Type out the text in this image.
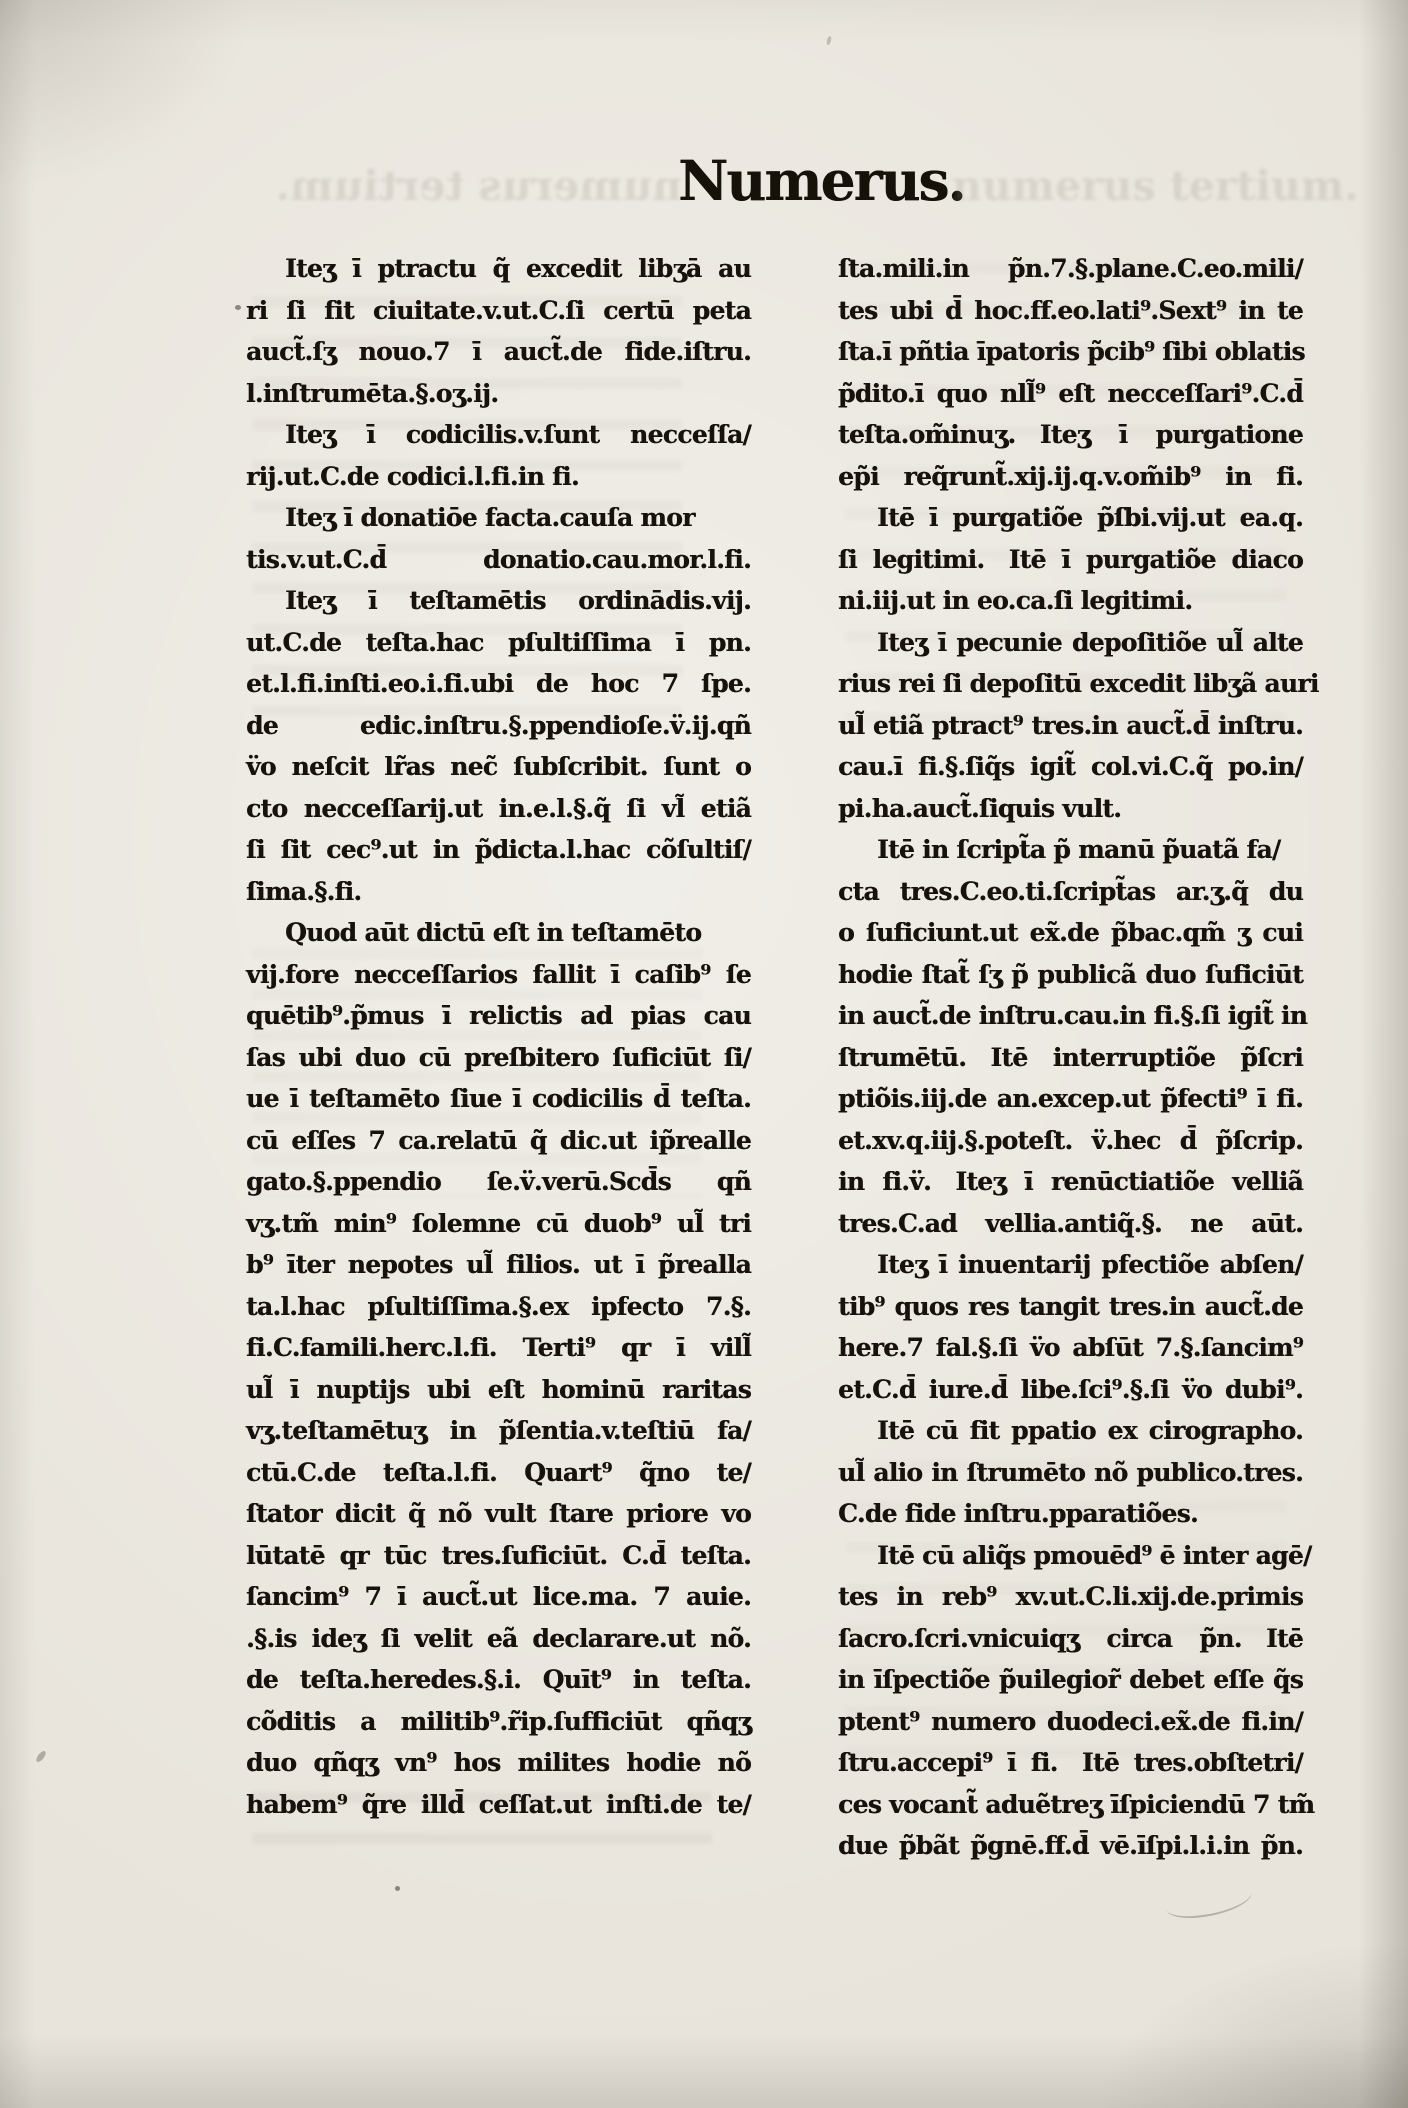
numerus tertium.
Numerus.
numerus tertium.
Iteʒ ī ptractu q̃ excedit libʒā au
ri ſi fit ciuitate.v.ut.C.ſi certū peta
auct̃.ſʒ nouo.7 ī auct̃.de fide.iſtru.
l.inſtrumēta.§.oʒ.ij.
Iteʒ ī codicilis.v.ſunt necceſſa/
rij.ut.C.de codici.l.fi.in fi.
Iteʒ ī donatiōe facta.cauſa mor
tis.v.ut.C.d̄ donatio.cau.mor.l.fi.
Iteʒ ī teſtamētis ordinādis.vij.
ut.C.de teſta.hac pſultiſſima ī pn.
et.l.fi.inſti.eo.i.fi.ubi de hoc 7 ſpe.
de edic.inſtru.§.ppendioſe.v̈.ij.qñ
v̈o neſcit lr̃as nec̃ ſubſcribit. ſunt o
cto necceſſarij.ut in.e.l.§.q̃ ſi vl̃ etiã
ſi ſit cec⁹.ut in p̃dicta.l.hac cõſultiſ/
ſima.§.fi.
Quod aūt dictū eſt in teſtamēto
vij.fore necceſſarios fallit ī caſib⁹ ſe
quētib⁹.p̃mus ī relictis ad pias cau
ſas ubi duo cū preſbitero ſuficiūt ſi/
ue ī teſtamēto ſiue ī codicilis d̄ teſta.
cū eſſes 7 ca.relatū q̃ dic.ut ip̃realle
gato.§.ppendio ſe.v̈.verū.Scd̄s qñ
vʒ.tm̃ min⁹ ſolemne cū duob⁹ ul̃ tri
b⁹ īter nepotes ul̃ filios. ut ī p̃realla
ta.l.hac pſultiſſima.§.ex ipfecto 7.§.
fi.C.famili.herc.l.fi. Terti⁹ qr ī vill̃
ul̃ ī nuptijs ubi eſt hominū raritas
vʒ.teſtamētuʒ in p̃ſentia.v.teſtiū fa/
ctū.C.de teſta.l.fi. Quart⁹ q̃no te/
ſtator dicit q̃ nõ vult ſtare priore vo
lūtatē qr tūc tres.ſuficiūt. C.d̄ teſta.
ſancim⁹ 7 ī auct̃.ut lice.ma. 7 auie.
.§.is ideʒ ſi velit eã declarare.ut nõ.
de teſta.heredes.§.i. Quīt⁹ in teſta.
cõditis a militib⁹.r̃ip.ſufficiūt qñqʒ
duo qñqʒ vn⁹ hos milites hodie nõ
habem⁹ q̃re illd̄ ceſſat.ut inſti.de te/
ſta.mili.in p̃n.7.§.plane.C.eo.mili/
tes ubi d̄ hoc.ff.eo.lati⁹.Sext⁹ in te
ſta.ī pñtia īpatoris p̃cib⁹ ſibi oblatis
p̃dito.ī quo nll̃⁹ eſt necceſſari⁹.C.d̄
teſta.om̃inuʒ. Iteʒ ī purgatione
ep̃i req̃runt̃.xij.ij.q.v.om̃ib⁹ in fi.
Itē ī purgatiõe p̃ſbi.vij.ut ea.q.
ſi legitimi. Itē ī purgatiõe diaco
ni.iij.ut in eo.ca.ſi legitimi.
Iteʒ ī pecunie depoſitiõe ul̃ alte
rius rei ſi depoſitū excedit libʒã auri
ul̃ etiã ptract⁹ tres.in auct̃.d̄ inſtru.
cau.ī fi.§.ſiq̃s igit̃ col.vi.C.q̃ po.in/
pi.ha.auct̃.ſiquis vult.
Itē in ſcript̃a p̃ manū p̃uatã fa/
cta tres.C.eo.ti.ſcript̃as ar.ʒ.q̃ du
o ſuficiunt.ut ex̃.de p̃bac.qm̃ ʒ cui
hodie ſtat̃ ſʒ p̃ publicã duo ſuficiūt
in auct̃.de inſtru.cau.in fi.§.ſi igit̃ in
ſtrumētū. Itē interruptiõe p̃ſcri
ptiõis.iij.de an.excep.ut p̃fecti⁹ ī fi.
et.xv.q.iij.§.poteſt. v̈.hec d̄ p̃ſcrip.
in fi.v̈. Iteʒ ī renūctiatiõe velliã
tres.C.ad vellia.antiq̃.§. ne aūt.
Iteʒ ī inuentarij pfectiõe abſen/
tib⁹ quos res tangit tres.in auct̃.de
here.7 fal.§.ſi v̈o abſūt 7.§.ſancim⁹
et.C.d̄ iure.d̄ libe.ſci⁹.§.ſi v̈o dubi⁹.
Itē cū fit ppatio ex cirographo.
ul̃ alio in ſtrumēto nõ publico.tres.
C.de fide inſtru.pparatiões.
Itē cū aliq̃s pmouēd⁹ ē inter agē/
tes in reb⁹ xv.ut.C.li.xij.de.primis
ſacro.ſcri.vnicuiqʒ circa p̃n. Itē
in īſpectiõe p̃uilegior̃ debet eſſe q̃s
ptent⁹ numero duodeci.ex̃.de fi.in/
ſtru.accepi⁹ ī fi. Itē tres.obſtetri/
ces vocant̃ aduẽtreʒ īſpiciendū 7 tm̃
due p̃bãt p̃gnē.ff.d̄ vē.īſpi.l.i.in p̃n.
